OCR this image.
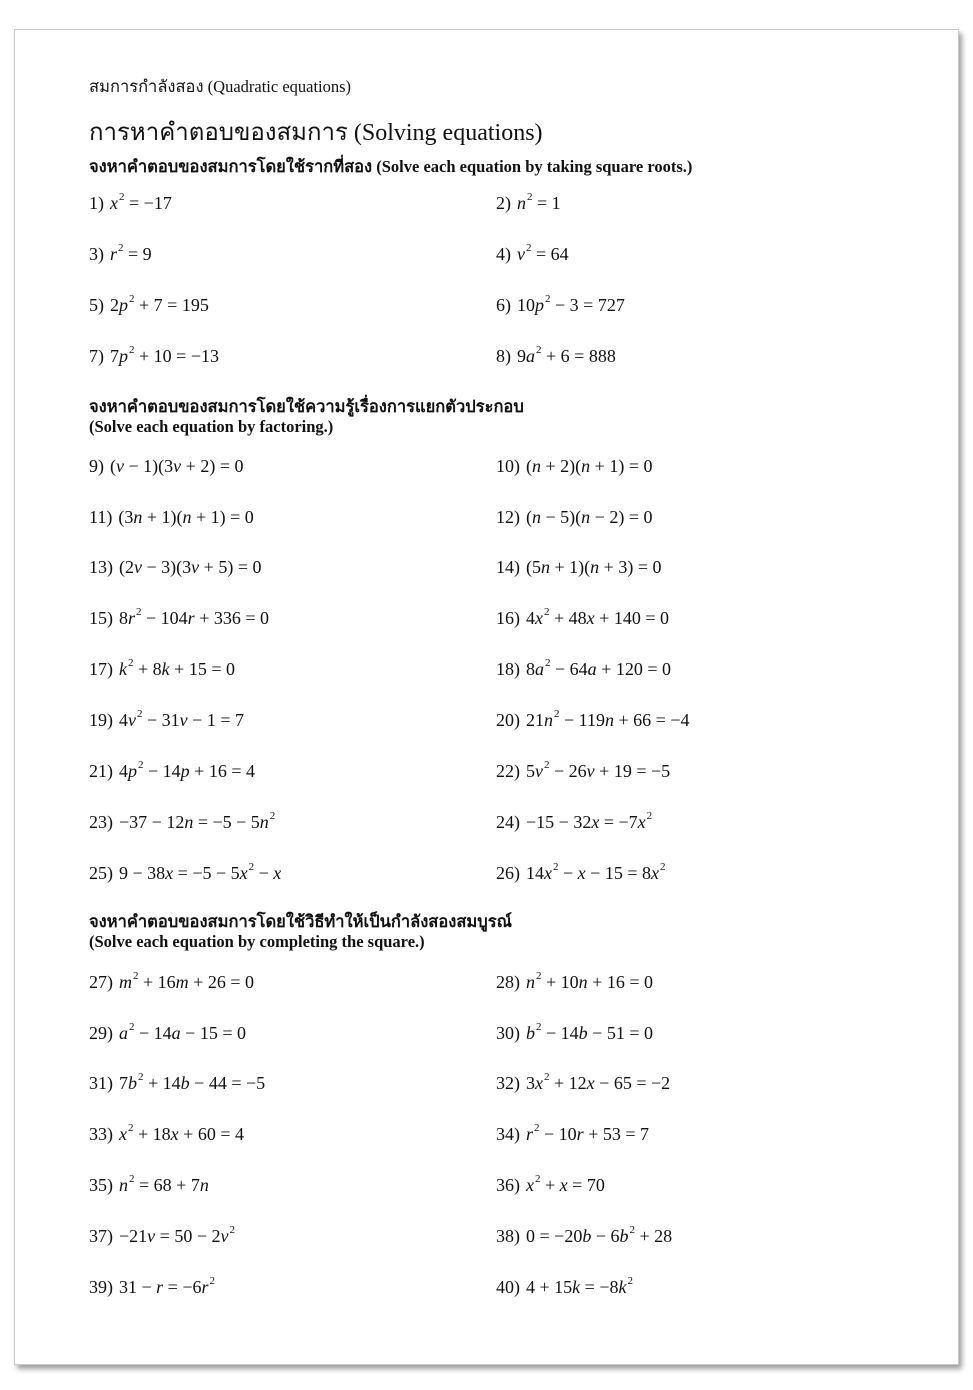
สมการกำลังสอง (Quadratic equations)
การหาคำตอบของสมการ (Solving equations)
จงหาคำตอบของสมการโดยใช้รากที่สอง (Solve each equation by taking square roots.)
จงหาคำตอบของสมการโดยใช้ความรู้เรื่องการแยกตัวประกอบ
(Solve each equation by factoring.)
จงหาคำตอบของสมการโดยใช้วิธีทำให้เป็นกำลังสองสมบูรณ์
(Solve each equation by completing the square.)
1) $x^2 = -17$	2) $n^2 = 1$
3) $r^2 = 9$	4) $v^2 = 64$
5) $2p^2 + 7 = 195$	6) $10p^2 - 3 = 727$
7) $7p^2 + 10 = -13$	8) $9a^2 + 6 = 888$
9) (v − 1)(3v + 2) = 0	10) (n + 2)(n + 1) = 0
11) (3n + 1)(n + 1) = 0	12) (n − 5)(n − 2) = 0
13) (2v − 3)(3v + 5) = 0	14) (5n + 1)(n + 3) = 0
15) $8r^2 - 104r + 336 = 0$	16) $4x^2 + 48x + 140 = 0$
17) $k^2 + 8k + 15 = 0$	18) $8a^2 - 64a + 120 = 0$
19) $4v^2 - 31v - 1 = 7$	20) $21n^2 - 119n + 66 = -4$
21) $4p^2 - 14p + 16 = 4$	22) $5v^2 - 26v + 19 = -5$
$23) -37 - 12n = -5 - 5n^2$	$24) -15 - 32x = -7x^2$
25) $9 - 38x = -5 - 5x^2 - x$	26) $14x^2 - x - 15 = 8x^2$
27) $m^2 + 16m + 26 = 0$	28) $n^2 + 10n + 16 = 0$
29) $a^2 - 14a - 15 = 0$	30) $b^2 - 14b - 51 = 0$
31) $7b^2 + 14b - 44 = -5$	32) $3x^2 + 12x - 65 = -2$
33) $x^2 + 18x + 60 = 4$	34) $r^2 - 10r + 53 = 7$
35) $n^2 = 68 + 7n$	36) $x^2 + x = 70$
$37) -21v = 50 - 2v^2$	38) $0 = -20b - 6b^2 + 28$
39) $31 - r = -6r^2$	40) $4 + 15k = -8k^2$
